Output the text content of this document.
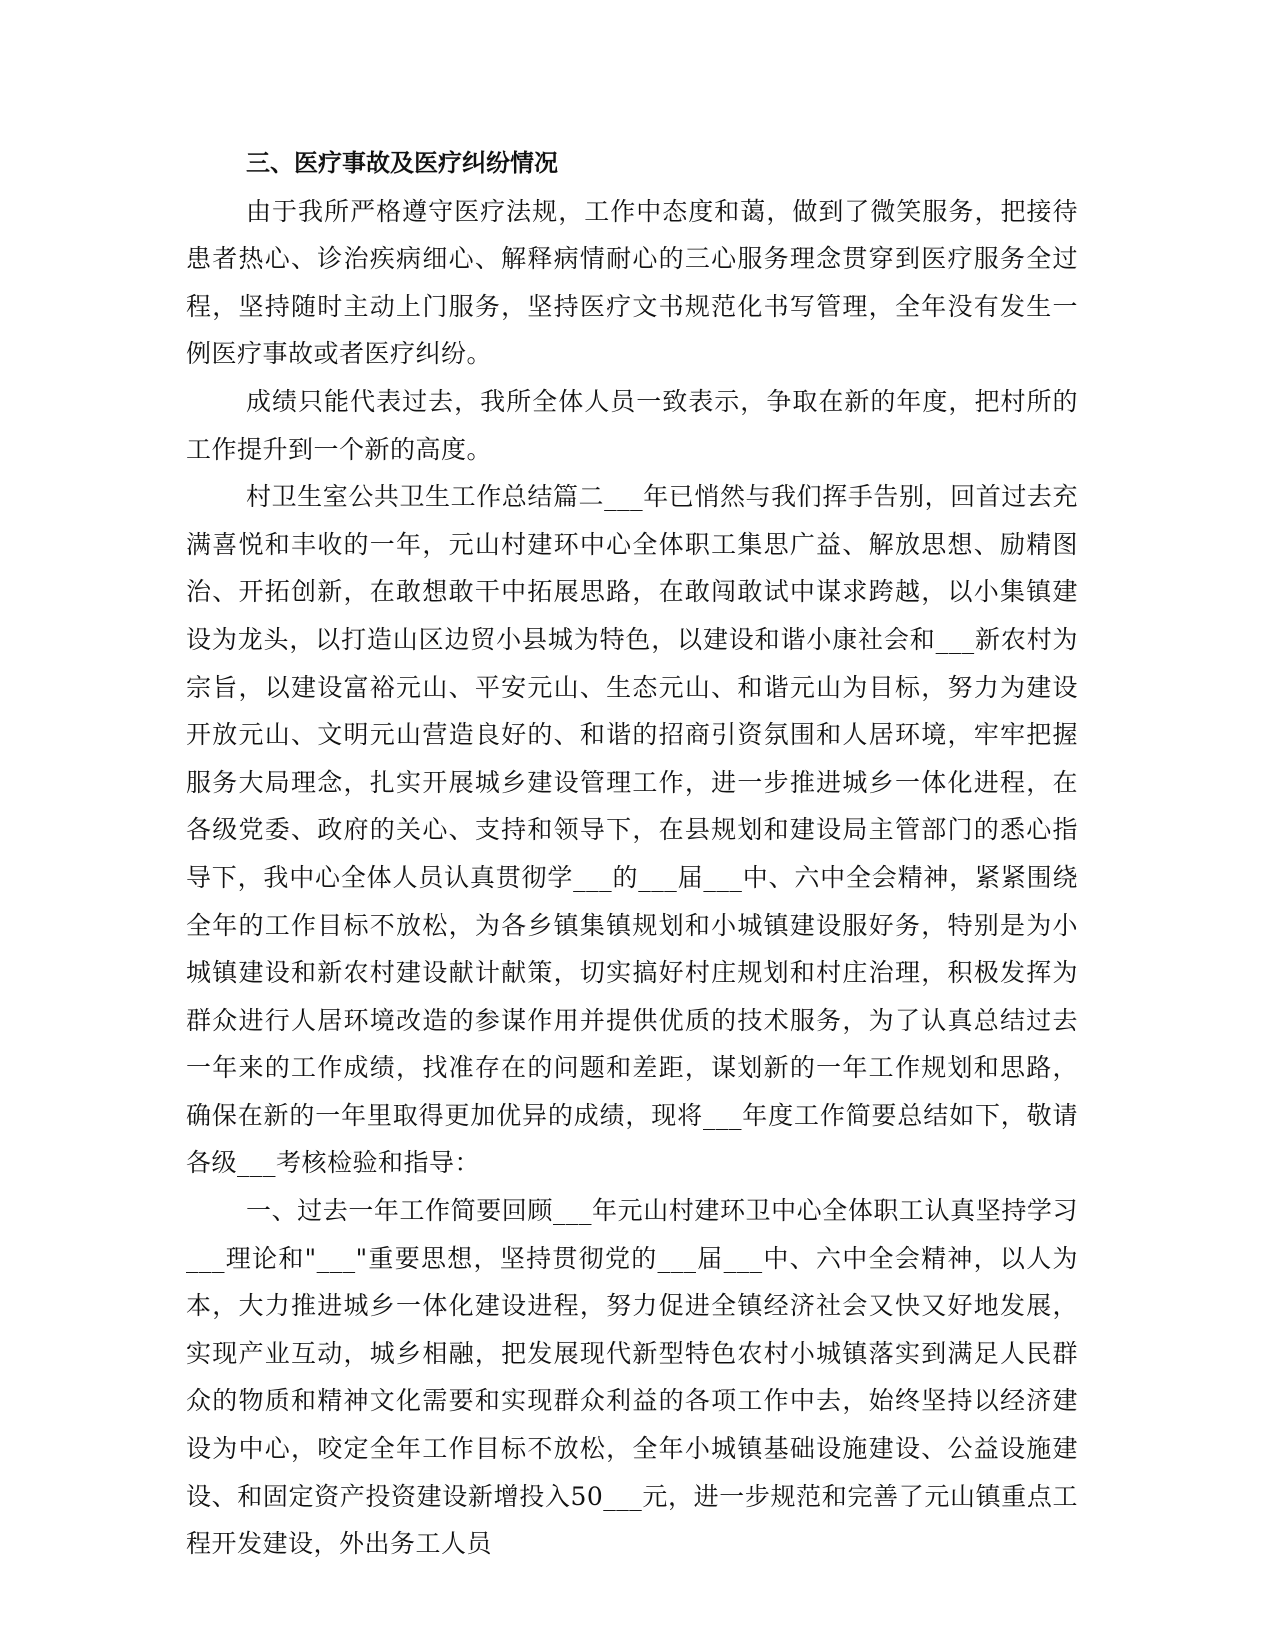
三、医疗事故及医疗纠纷情况

由于我所严格遵守医疗法规，工作中态度和蔼，做到了微笑服务，把接待患者热心、诊治疾病细心、解释病情耐心的三心服务理念贯穿到医疗服务全过程，坚持随时主动上门服务，坚持医疗文书规范化书写管理，全年没有发生一例医疗事故或者医疗纠纷。

成绩只能代表过去，我所全体人员一致表示，争取在新的年度，把村所的工作提升到一个新的高度。

村卫生室公共卫生工作总结篇二___年已悄然与我们挥手告别，回首过去充满喜悦和丰收的一年，元山村建环中心全体职工集思广益、解放思想、励精图治、开拓创新，在敢想敢干中拓展思路，在敢闯敢试中谋求跨越，以小集镇建设为龙头，以打造山区边贸小县城为特色，以建设和谐小康社会和___新农村为宗旨，以建设富裕元山、平安元山、生态元山、和谐元山为目标，努力为建设开放元山、文明元山营造良好的、和谐的招商引资氛围和人居环境，牢牢把握服务大局理念，扎实开展城乡建设管理工作，进一步推进城乡一体化进程，在各级党委、政府的关心、支持和领导下，在县规划和建设局主管部门的悉心指导下，我中心全体人员认真贯彻学___的___届___中、六中全会精神，紧紧围绕全年的工作目标不放松，为各乡镇集镇规划和小城镇建设服好务，特别是为小城镇建设和新农村建设献计献策，切实搞好村庄规划和村庄治理，积极发挥为群众进行人居环境改造的参谋作用并提供优质的技术服务，为了认真总结过去一年来的工作成绩，找准存在的问题和差距，谋划新的一年工作规划和思路，确保在新的一年里取得更加优异的成绩，现将___年度工作简要总结如下，敬请各级___考核检验和指导：

一、过去一年工作简要回顾___年元山村建环卫中心全体职工认真坚持学习___理论和"___"重要思想，坚持贯彻党的___届___中、六中全会精神，以人为本，大力推进城乡一体化建设进程，努力促进全镇经济社会又快又好地发展，实现产业互动，城乡相融，把发展现代新型特色农村小城镇落实到满足人民群众的物质和精神文化需要和实现群众利益的各项工作中去，始终坚持以经济建设为中心，咬定全年工作目标不放松，全年小城镇基础设施建设、公益设施建设、和固定资产投资建设新增投入50___元，进一步规范和完善了元山镇重点工程开发建设，外出务工人员
